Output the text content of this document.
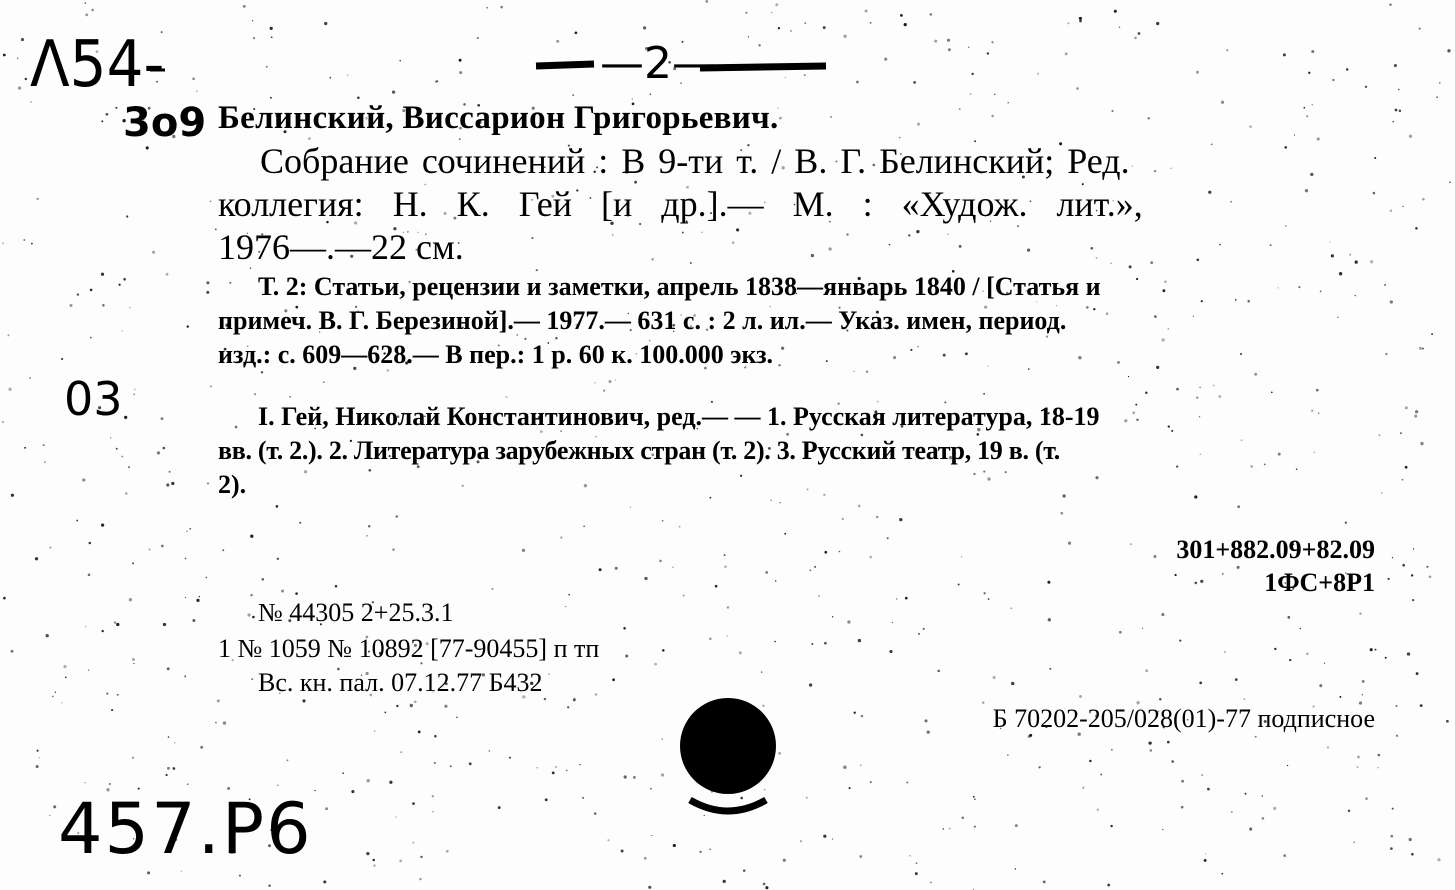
Λ54-
3о9
03
457.P6
—2—
Белинский, Виссарион Григорьевич.
Собрание сочинений : В 9-ти т. / В. Г. Белинский; Ред.
коллегия: Н. К. Гей [и др.].— М. : «Худож. лит.»,
1976—.—22 см.
Т. 2: Статьи, рецензии и заметки, апрель 1838—январь 1840 / [Статья и
примеч. В. Г. Березиной].— 1977.— 631 с. : 2 л. ил.— Указ. имен, период.
изд.: с. 609—628.— В пер.: 1 р. 60 к. 100.000 экз.
I. Гей, Николай Константинович, ред.— — 1. Русская литература, 18-19
вв. (т. 2.). 2. Литература зарубежных стран (т. 2). 3. Русский театр, 19 в. (т.
2).
301+882.09+82.09
1ФС+8Р1
№ 44305 2+25.3.1
1 № 1059 № 10892 [77-90455] п тп
Вс. кн. пал. 07.12.77 Б432
Б 70202-205/028(01)-77 подписное
